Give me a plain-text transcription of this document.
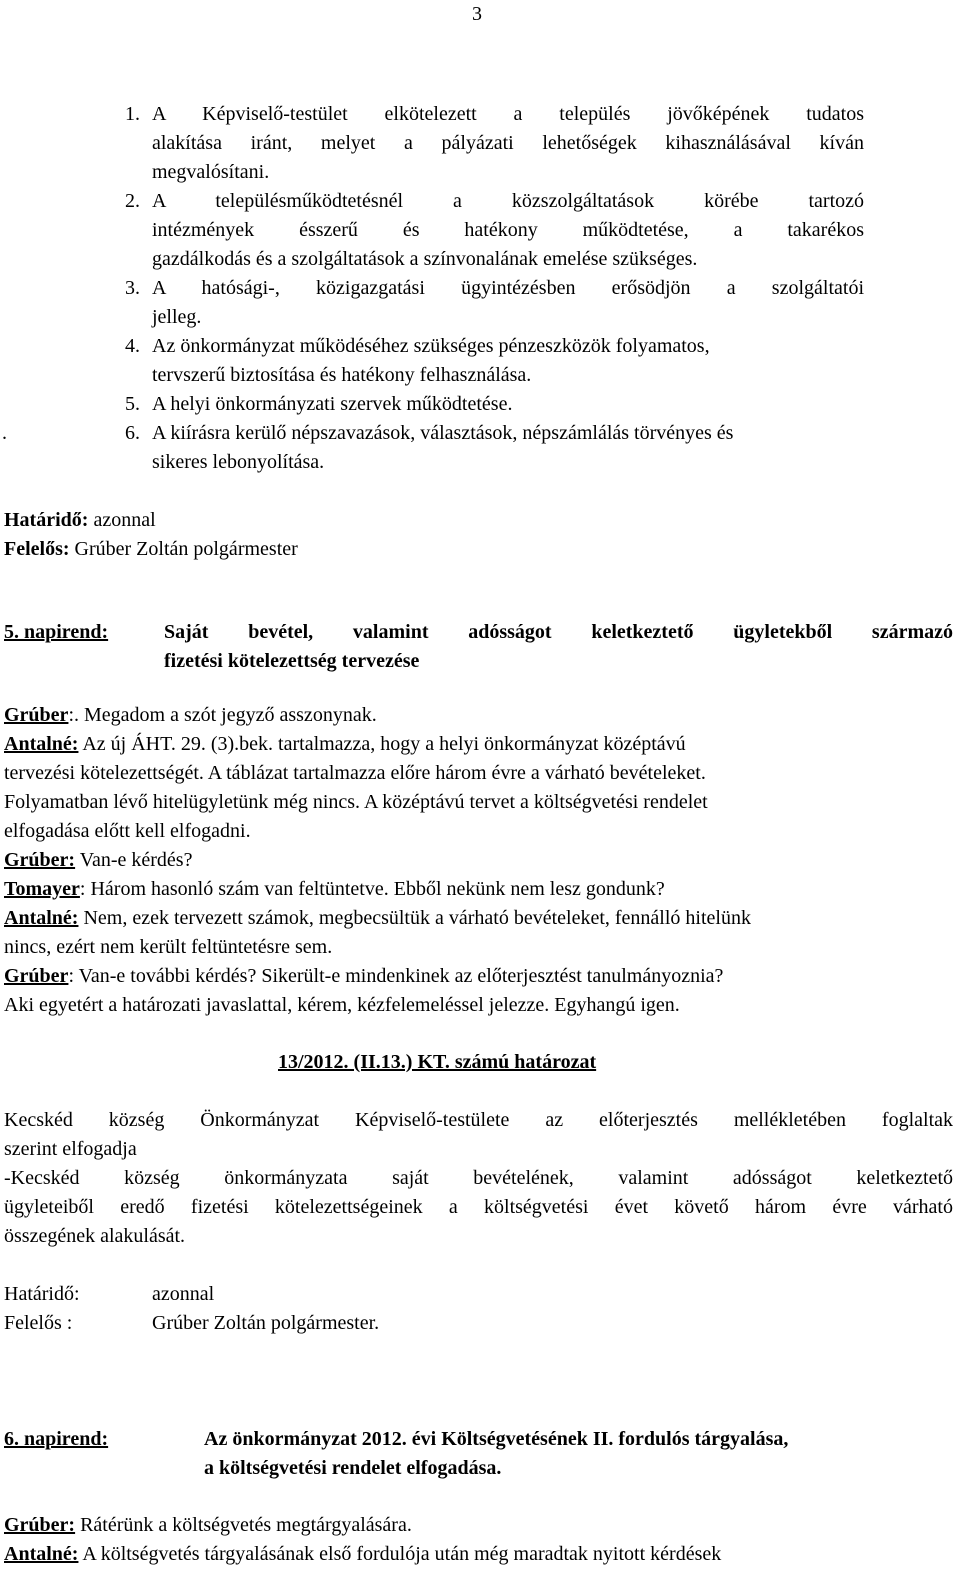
3
1. A Képviselő-testület elkötelezett a település jövőképének tudatos
alakítása iránt, melyet a pályázati lehetőségek kihasználásával kíván
megvalósítani.
2. A településműködtetésnél a közszolgáltatások körébe tartozó
intézmények ésszerű és hatékony működtetése, a takarékos
gazdálkodás és a szolgáltatások a színvonalának emelése szükséges.
3. A hatósági-, közigazgatási ügyintézésben erősödjön a szolgáltatói
jelleg.
4. Az önkormányzat működéséhez szükséges pénzeszközök folyamatos,
tervszerű biztosítása és hatékony felhasználása.
5. A helyi önkormányzati szervek működtetése.
.	6. A kiírásra kerülő népszavazások, választások, népszámlálás törvényes és
sikeres lebonyolítása.
Határidő: azonnal
Felelős: Grúber Zoltán polgármester
5. napirend:	Saját bevétel, valamint adósságot keletkeztető ügyletekből származó
fizetési kötelezettség tervezése
Grúber:. Megadom a szót jegyző asszonynak.
Antalné: Az új ÁHT. 29. (3).bek. tartalmazza, hogy a helyi önkormányzat középtávú
tervezési kötelezettségét. A táblázat tartalmazza előre három évre a várható bevételeket.
Folyamatban lévő hitelügyletünk még nincs. A középtávú tervet a költségvetési rendelet
elfogadása előtt kell elfogadni.
Grúber: Van-e kérdés?
Tomayer: Három hasonló szám van feltüntetve. Ebből nekünk nem lesz gondunk?
Antalné: Nem, ezek tervezett számok, megbecsültük a várható bevételeket, fennálló hitelünk
nincs, ezért nem került feltüntetésre sem.
Grúber: Van-e további kérdés? Sikerült-e mindenkinek az előterjesztést tanulmányoznia?
Aki egyetért a határozati javaslattal, kérem, kézfelemeléssel jelezze. Egyhangú igen.
13/2012. (II.13.) KT. számú határozat
Kecskéd község Önkormányzat Képviselő-testülete az előterjesztés mellékletében foglaltak
szerint elfogadja
-Kecskéd község önkormányzata saját bevételének, valamint adósságot keletkeztető
ügyleteiből eredő fizetési kötelezettségeinek a költségvetési évet követő három évre várható
összegének alakulását.
Határidő:	azonnal
Felelős :	Grúber Zoltán polgármester.
6. napirend:	Az önkormányzat 2012. évi Költségvetésének II. fordulós tárgyalása,
a költségvetési rendelet elfogadása.
Grúber: Rátérünk a költségvetés megtárgyalására.
Antalné: A költségvetés tárgyalásának első fordulója után még maradtak nyitott kérdések
